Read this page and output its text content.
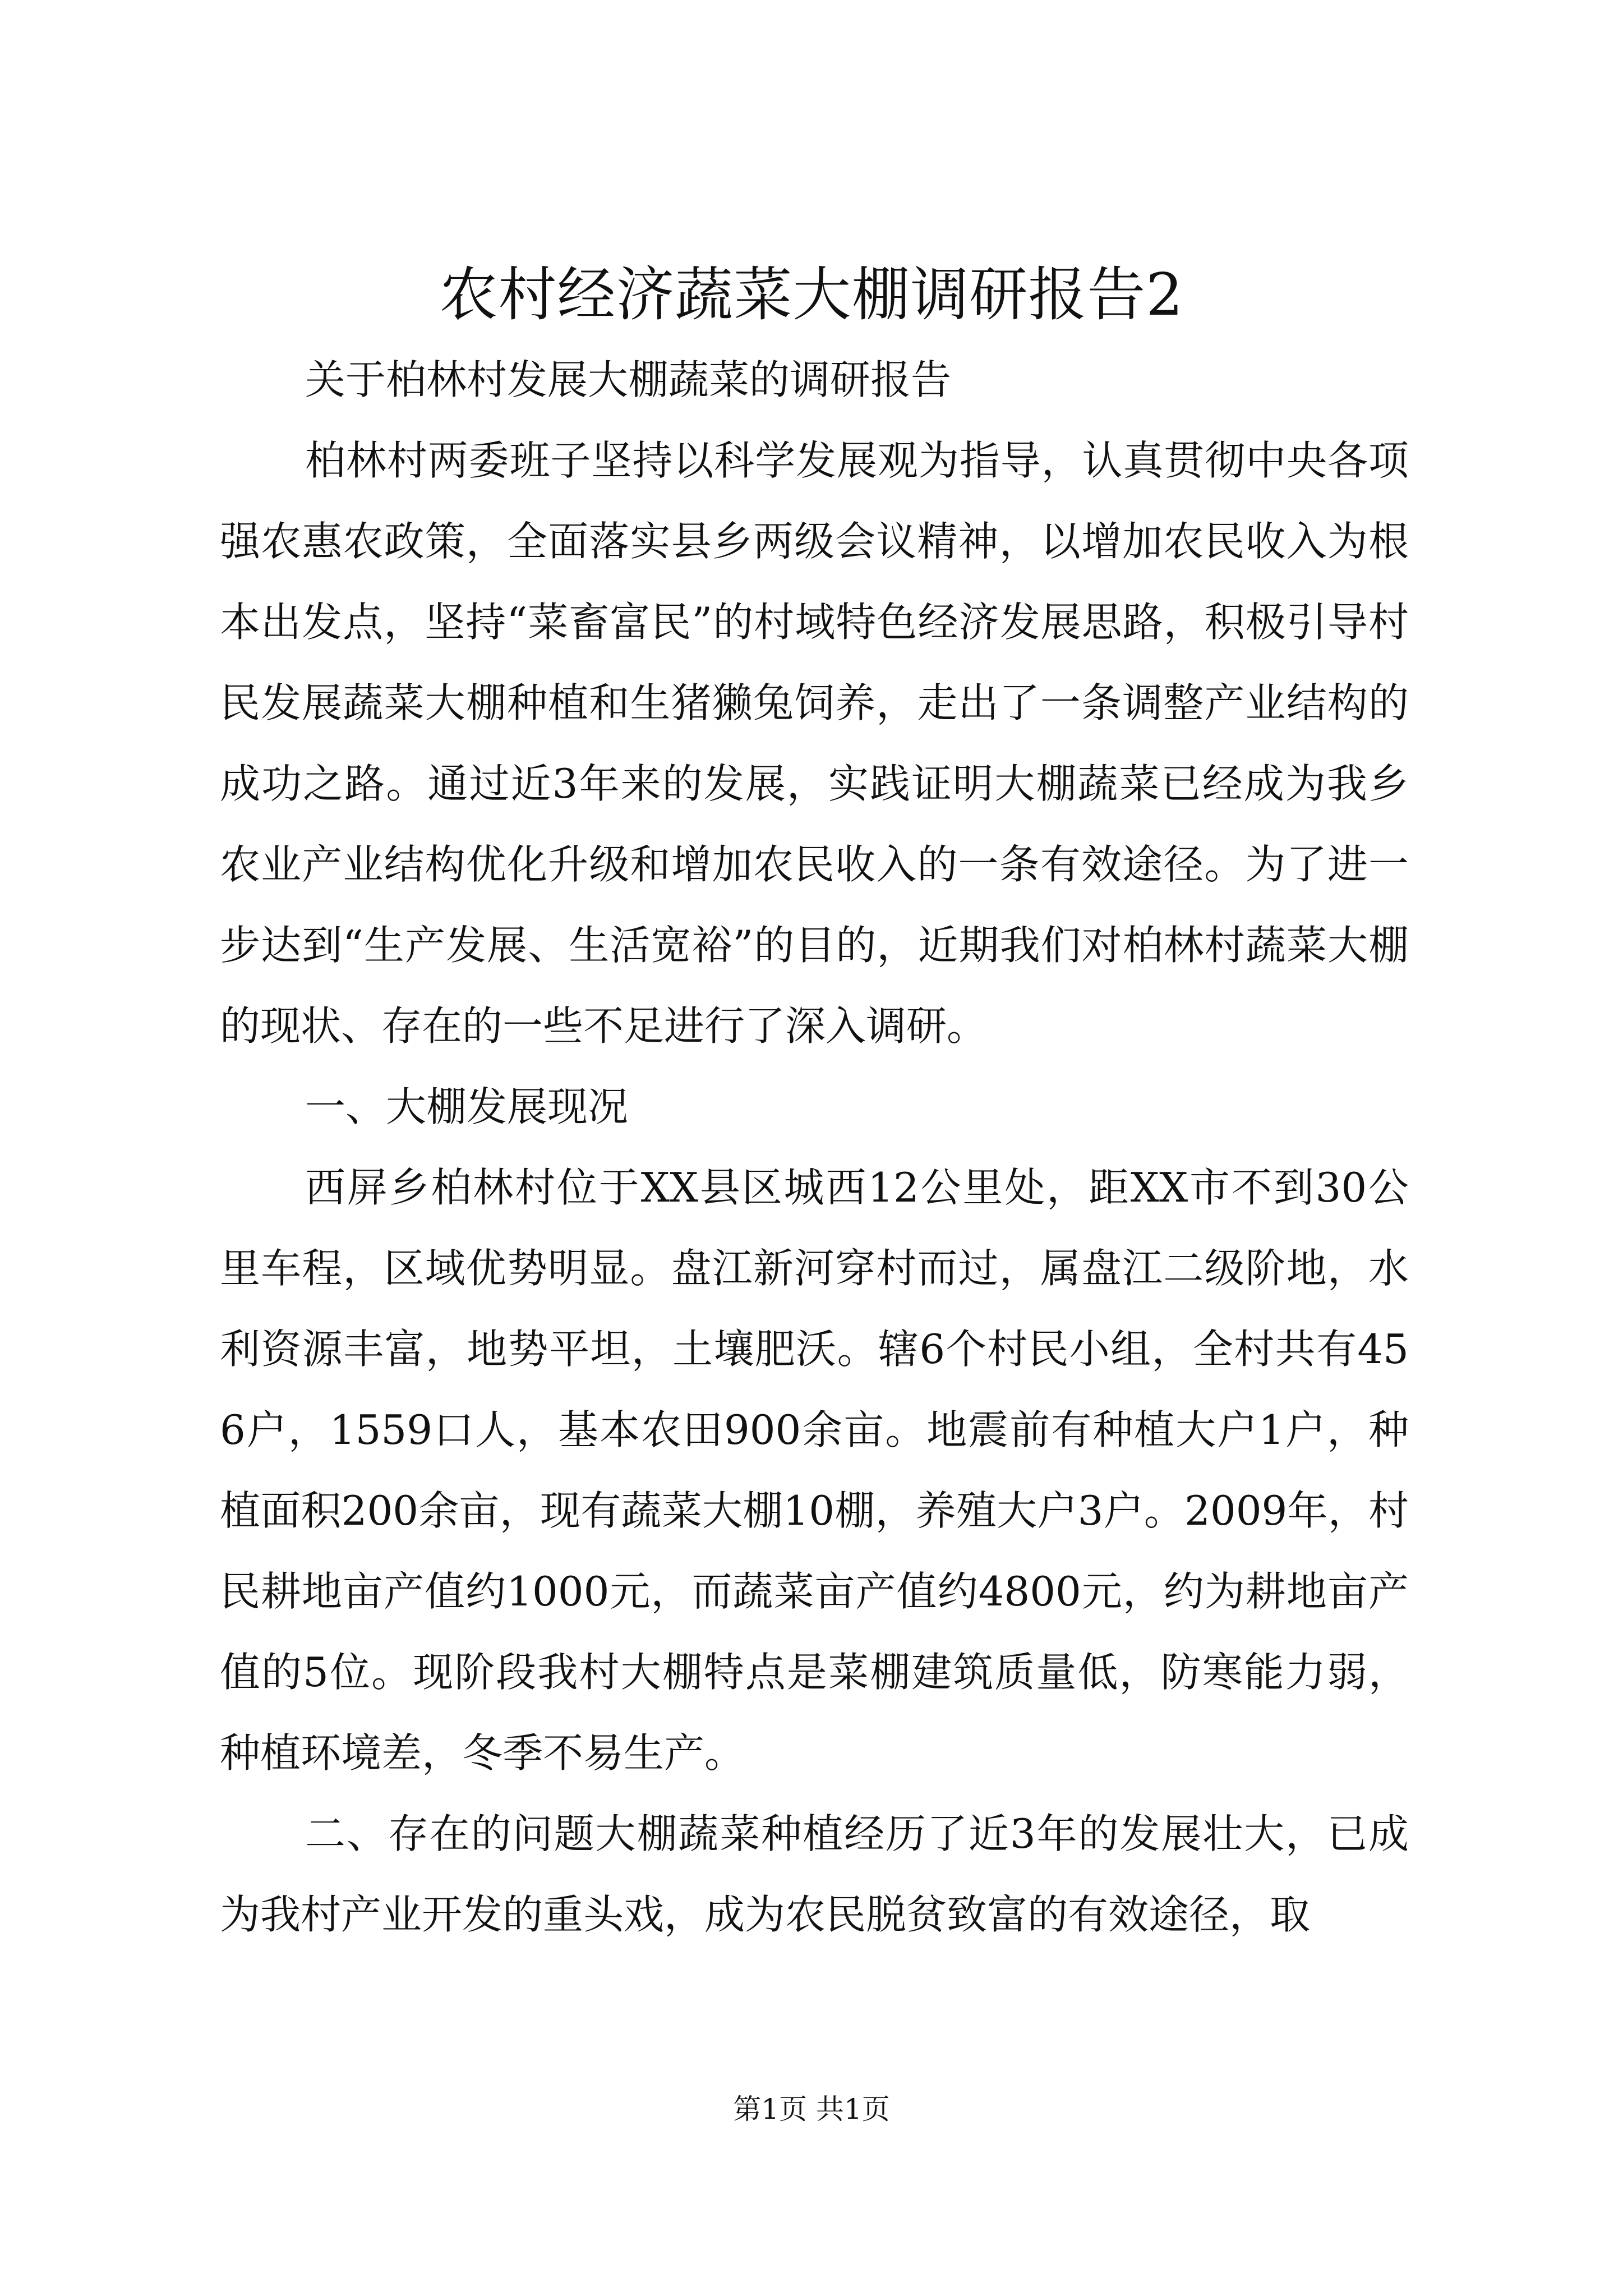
农村经济蔬菜大棚调研报告2

关于柏林村发展大棚蔬菜的调研报告

柏林村两委班子坚持以科学发展观为指导，认真贯彻中央各项强农惠农政策，全面落实县乡两级会议精神，以增加农民收入为根本出发点，坚持“菜畜富民”的村域特色经济发展思路，积极引导村民发展蔬菜大棚种植和生猪獭兔饲养，走出了一条调整产业结构的成功之路。通过近3年来的发展，实践证明大棚蔬菜已经成为我乡农业产业结构优化升级和增加农民收入的一条有效途径。为了进一步达到“生产发展、生活宽裕”的目的，近期我们对柏林村蔬菜大棚的现状、存在的一些不足进行了深入调研。

一、大棚发展现况

西屏乡柏林村位于XX县区城西12公里处，距XX市不到30公里车程，区域优势明显。盘江新河穿村而过，属盘江二级阶地，水利资源丰富，地势平坦，土壤肥沃。辖6个村民小组，全村共有456户，1559口人，基本农田900余亩。地震前有种植大户1户，种植面积200余亩，现有蔬菜大棚10棚，养殖大户3户。2009年，村民耕地亩产值约1000元，而蔬菜亩产值约4800元，约为耕地亩产值的5位。现阶段我村大棚特点是菜棚建筑质量低，防寒能力弱，种植环境差，冬季不易生产。

二、存在的问题大棚蔬菜种植经历了近3年的发展壮大，已成为我村产业开发的重头戏，成为农民脱贫致富的有效途径，取

第1页 共1页
